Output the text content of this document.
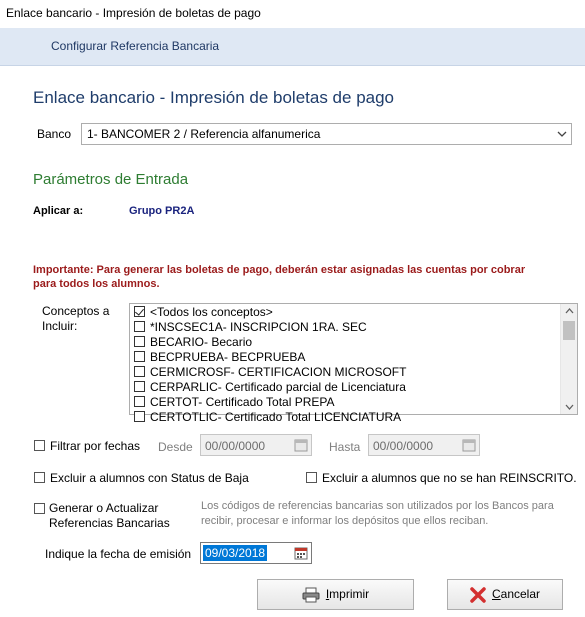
Enlace bancario - Impresión de boletas de pago
Configurar Referencia Bancaria
Enlace bancario - Impresión de boletas de pago
Banco 1- BANCOMER 2 / Referencia alfanumerica
Parámetros de Entrada
Aplicar a:	Grupo PR2A
Importante: Para generar las boletas de pago, deberán estar asignadas las cuentas por cobrar
para todos los alumnos.
Conceptos a
Incluir:
<Todos los conceptos>
*INSCSEC1A- INSCRIPCION 1RA. SEC
BECARIO- Becario
BECPRUEBA- BECPRUEBA
CERMICROSF- CERTIFICACION MICROSOFT
CERPARLIC- Certificado parcial de Licenciatura
CERTOT- Certificado Total PREPA
CERTOTLIC- Certificado Total LICENCIATURA
Filtrar por fechas Desde 00/00/0000	Hasta 00/00/0000
Excluir a alumnos con Status de Baja	Excluir a alumnos que no se han REINSCRITO.
Generar o Actualizar
Referencias Bancarias
Los códigos de referencias bancarias son utilizados por los Bancos para
recibir, procesar e informar los depósitos que ellos reciban.
Indique la fecha de emisión 09/03/2018
Imprimir	Cancelar
